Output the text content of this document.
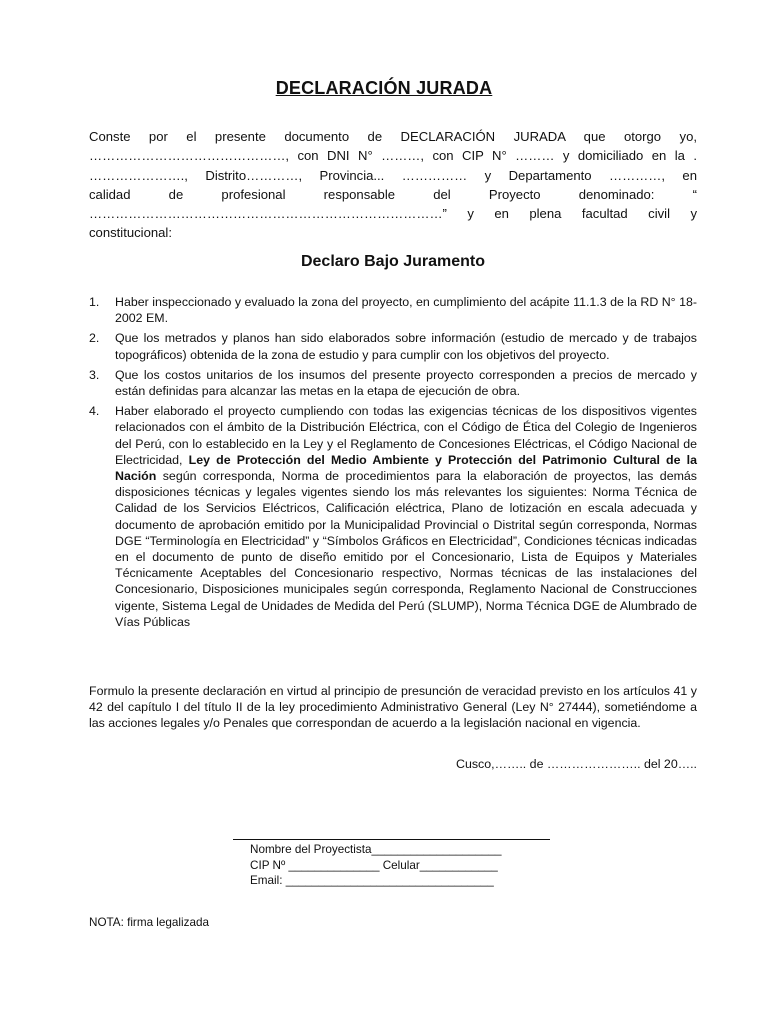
DECLARACIÓN JURADA
Conste por el presente documento de DECLARACIÓN JURADA que otorgo yo,
………………………………………, con DNI N° ………, con CIP N° ……… y domiciliado en la .
…………………., Distrito…………, Provincia... …………… y Departamento …………, en
calidad de profesional responsable del Proyecto denominado: “
………………………………………………………………………” y en plena facultad civil y
constitucional:
Declaro Bajo Juramento
1. Haber inspeccionado y evaluado la zona del proyecto, en cumplimiento del acápite 11.1.3 de la RD N° 18-2002 EM.
2. Que los metrados y planos han sido elaborados sobre información (estudio de mercado y de trabajos topográficos) obtenida de la zona de estudio y para cumplir con los objetivos del proyecto.
3. Que los costos unitarios de los insumos del presente proyecto corresponden a precios de mercado y están definidas para alcanzar las metas en la etapa de ejecución de obra.
4. Haber elaborado el proyecto cumpliendo con todas las exigencias técnicas de los dispositivos vigentes relacionados con el ámbito de la Distribución Eléctrica, con el Código de Ética del Colegio de Ingenieros del Perú, con lo establecido en la Ley y el Reglamento de Concesiones Eléctricas, el Código Nacional de Electricidad, Ley de Protección del Medio Ambiente y Protección del Patrimonio Cultural de la Nación según corresponda, Norma de procedimientos para la elaboración de proyectos, las demás disposiciones técnicas y legales vigentes siendo los más relevantes los siguientes: Norma Técnica de Calidad de los Servicios Eléctricos, Calificación eléctrica, Plano de lotización en escala adecuada y documento de aprobación emitido por la Municipalidad Provincial o Distrital según corresponda, Normas DGE “Terminología en Electricidad” y “Símbolos Gráficos en Electricidad”, Condiciones técnicas indicadas en el documento de punto de diseño emitido por el Concesionario, Lista de Equipos y Materiales Técnicamente Aceptables del Concesionario respectivo, Normas técnicas de las instalaciones del Concesionario, Disposiciones municipales según corresponda, Reglamento Nacional de Construcciones vigente, Sistema Legal de Unidades de Medida del Perú (SLUMP), Norma Técnica DGE de Alumbrado de Vías Públicas
Formulo la presente declaración en virtud al principio de presunción de veracidad previsto en los artículos 41 y 42 del capítulo I del título II de la ley procedimiento Administrativo General (Ley N° 27444), sometiéndome a las acciones legales y/o Penales que correspondan de acuerdo a la legislación nacional en vigencia.
Cusco,…….. de ………………….. del 20…..
Nombre del Proyectista____________________
CIP Nº ______________ Celular____________
Email: ________________________________
NOTA: firma legalizada
